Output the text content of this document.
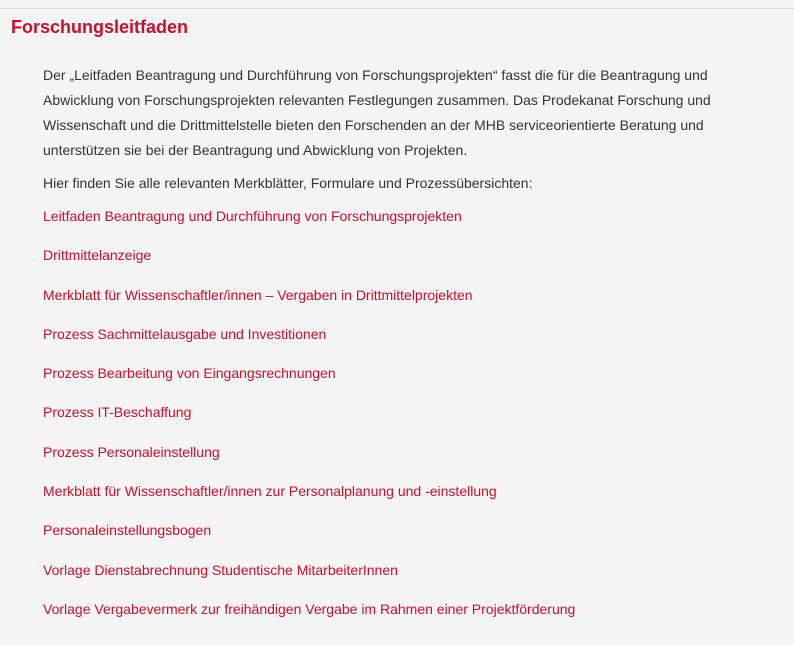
Forschungsleitfaden

Der „Leitfaden Beantragung und Durchführung von Forschungsprojekten“ fasst die für die Beantragung und Abwicklung von Forschungsprojekten relevanten Festlegungen zusammen. Das Prodekanat Forschung und Wissenschaft und die Drittmittelstelle bieten den Forschenden an der MHB serviceorientierte Beratung und unterstützen sie bei der Beantragung und Abwicklung von Projekten.

Hier finden Sie alle relevanten Merkblätter, Formulare und Prozessübersichten:

Leitfaden Beantragung und Durchführung von Forschungsprojekten
Drittmittelanzeige
Merkblatt für Wissenschaftler/innen – Vergaben in Drittmittelprojekten
Prozess Sachmittelausgabe und Investitionen
Prozess Bearbeitung von Eingangsrechnungen
Prozess IT-Beschaffung
Prozess Personaleinstellung
Merkblatt für Wissenschaftler/innen zur Personalplanung und -einstellung
Personaleinstellungsbogen
Vorlage Dienstabrechnung Studentische MitarbeiterInnen
Vorlage Vergabevermerk zur freihändigen Vergabe im Rahmen einer Projektförderung
